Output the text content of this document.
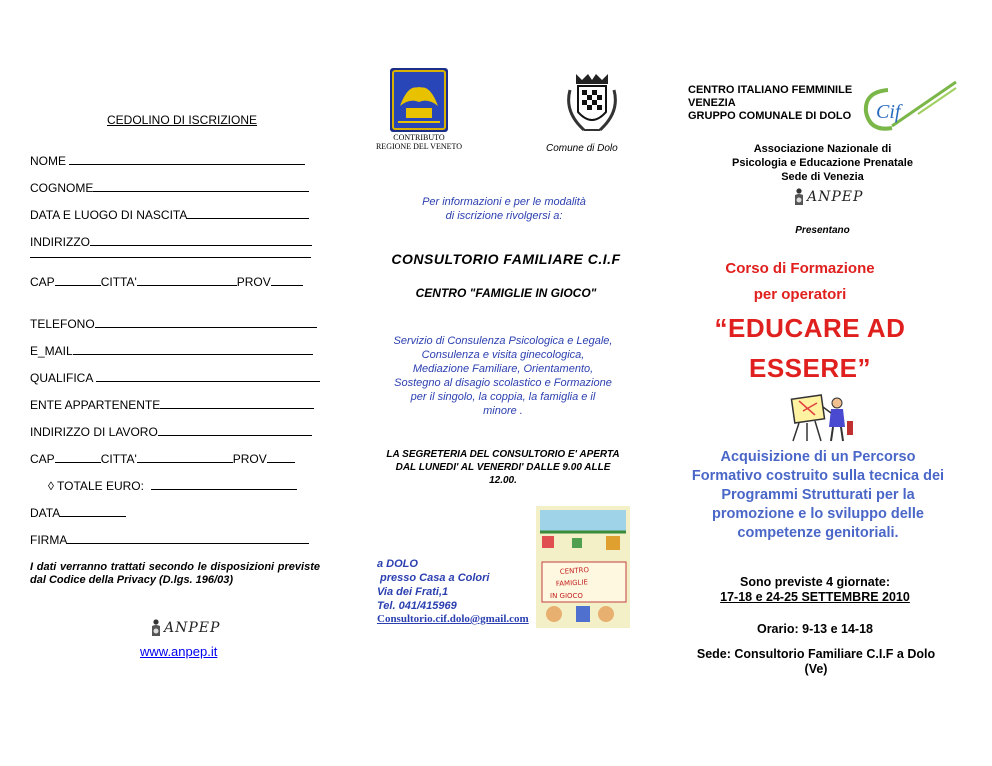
CEDOLINO DI ISCRIZIONE
NOME
COGNOME
DATA E LUOGO DI NASCITA
INDIRIZZO
CAP	CITTA'	PROV
TELEFONO
E_MAIL
QUALIFICA
ENTE APPARTENENTE
INDIRIZZO DI LAVORO
CAP	CITTA'	PROV
◊ TOTALE EURO:
DATA
FIRMA
I dati verranno trattati secondo le disposizioni previste dal Codice della Privacy (D.lgs. 196/03)
ANPEP
www.anpep.it
CONTRIBUTO
REGIONE DEL VENETO	Comune di Dolo
Per informazioni e per le modalità
di iscrizione rivolgersi a:
CONSULTORIO FAMILIARE C.I.F
CENTRO "FAMIGLIE IN GIOCO"
Servizio di Consulenza Psicologica e Legale,
Consulenza e visita ginecologica,
Mediazione Familiare, Orientamento,
Sostegno al disagio scolastico e Formazione
per il singolo, la coppia, la famiglia e il
minore .
LA SEGRETERIA DEL CONSULTORIO E' APERTA
DAL LUNEDI' AL VENERDI' DALLE 9.00 ALLE
12.00.
a DOLO
presso Casa a Colori
Via dei Frati,1
Tel. 041/415969
Consultorio.cif.dolo@gmail.com
CENTRO
FAMIGLIE
IN GIOCO
CENTRO ITALIANO FEMMINILE
VENEZIA
GRUPPO COMUNALE DI DOLO Cif
Associazione Nazionale di
Psicologia e Educazione Prenatale
Sede di Venezia
ANPEP
Presentano
Corso di Formazione
per operatori
“EDUCARE AD
ESSERE”
Acquisizione di un Percorso
Formativo costruito sulla tecnica dei
Programmi Strutturati per la
promozione e lo sviluppo delle
competenze genitoriali.
Sono previste 4 giornate:
17-18 e 24-25 SETTEMBRE 2010
Orario: 9-13 e 14-18
Sede: Consultorio Familiare C.I.F a Dolo
(Ve)
